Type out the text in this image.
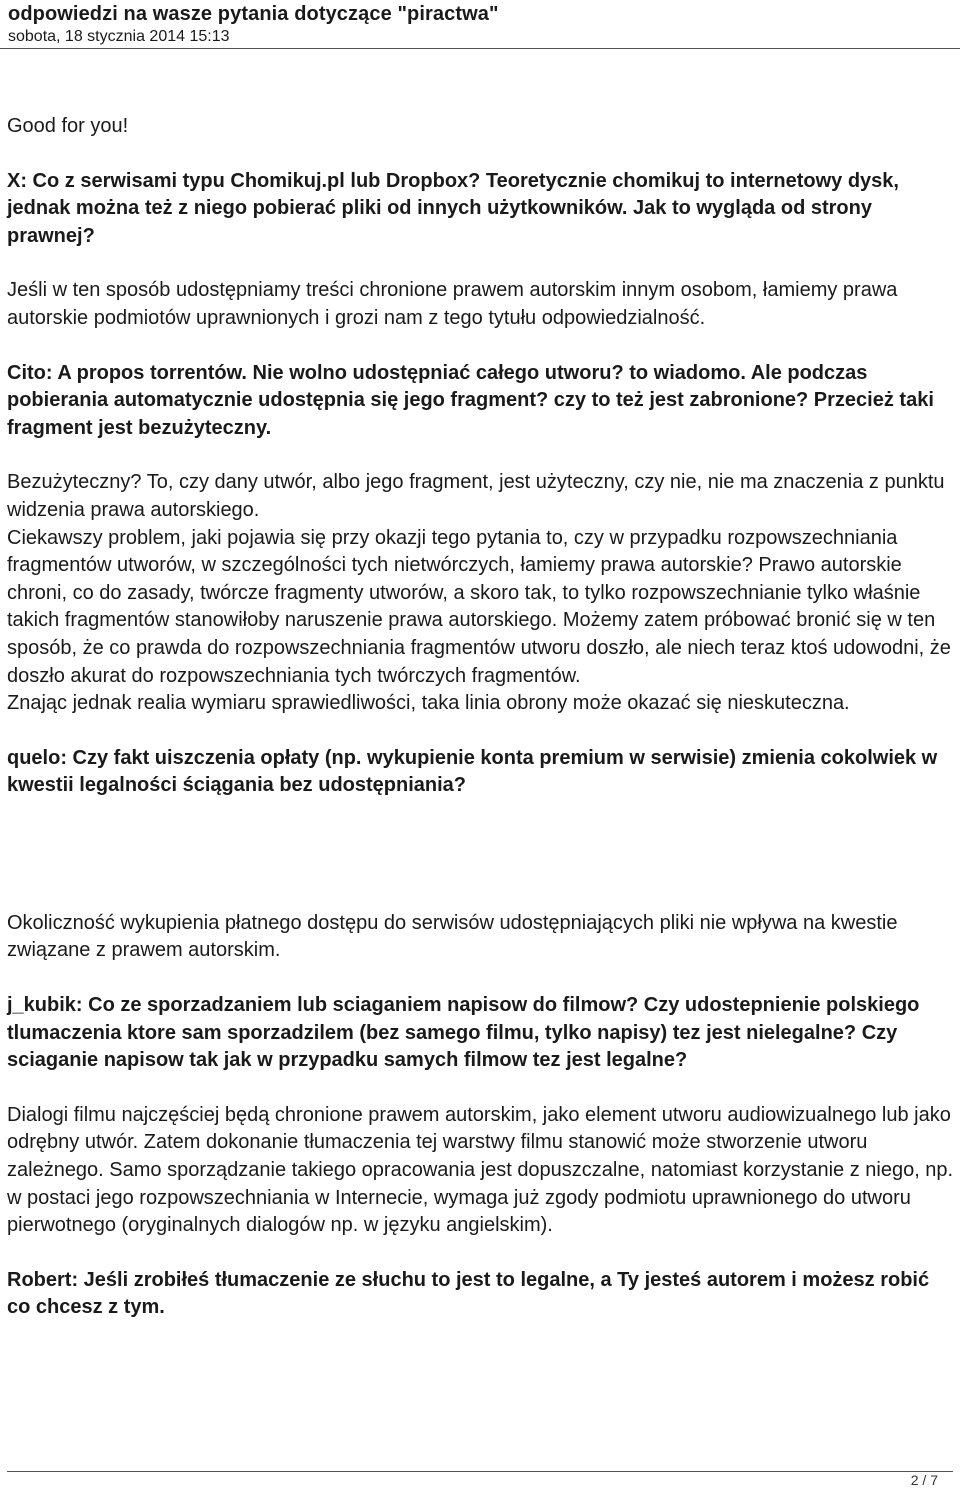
odpowiedzi na wasze pytania dotyczące "piractwa"

sobota, 18 stycznia 2014 15:13

Good for you!

X: Co z serwisami typu Chomikuj.pl lub Dropbox? Teoretycznie chomikuj to internetowy dysk, jednak można też z niego pobierać pliki od innych użytkowników. Jak to wygląda od strony prawnej?

Jeśli w ten sposób udostępniamy treści chronione prawem autorskim innym osobom, łamiemy prawa autorskie podmiotów uprawnionych i grozi nam z tego tytułu odpowiedzialność.

Cito: A propos torrentów. Nie wolno udostępniać całego utworu? to wiadomo. Ale podczas pobierania automatycznie udostępnia się jego fragment? czy to też jest zabronione? Przecież taki fragment jest bezużyteczny.

Bezużyteczny? To, czy dany utwór, albo jego fragment, jest użyteczny, czy nie, nie ma znaczenia z punktu widzenia prawa autorskiego.

Ciekawszy problem, jaki pojawia się przy okazji tego pytania to, czy w przypadku rozpowszechniania fragmentów utworów, w szczególności tych nietwórczych, łamiemy prawa autorskie? Prawo autorskie chroni, co do zasady, twórcze fragmenty utworów, a skoro tak, to tylko rozpowszechnianie tylko właśnie takich fragmentów stanowiłoby naruszenie prawa autorskiego. Możemy zatem próbować bronić się w ten sposób, że co prawda do rozpowszechniania fragmentów utworu doszło, ale niech teraz ktoś udowodni, że doszło akurat do rozpowszechniania tych twórczych fragmentów.

Znając jednak realia wymiaru sprawiedliwości, taka linia obrony może okazać się nieskuteczna.

quelo: Czy fakt uiszczenia opłaty (np. wykupienie konta premium w serwisie) zmienia cokolwiek w kwestii legalności ściągania bez udostępniania?

Okoliczność wykupienia płatnego dostępu do serwisów udostępniających pliki nie wpływa na kwestie związane z prawem autorskim.

j_kubik: Co ze sporzadzaniem lub sciaganiem napisow do filmow? Czy udostepnienie polskiego tlumaczenia ktore sam sporzadzilem (bez samego filmu, tylko napisy) tez jest nielegalne? Czy sciaganie napisow tak jak w przypadku samych filmow tez jest legalne?

Dialogi filmu najczęściej będą chronione prawem autorskim, jako element utworu audiowizualnego lub jako odrębny utwór. Zatem dokonanie tłumaczenia tej warstwy filmu stanowić może stworzenie utworu zależnego. Samo sporządzanie takiego opracowania jest dopuszczalne, natomiast korzystanie z niego, np. w postaci jego rozpowszechniania w Internecie, wymaga już zgody podmiotu uprawnionego do utworu pierwotnego (oryginalnych dialogów np. w języku angielskim).

Robert: Jeśli zrobiłeś tłumaczenie ze słuchu to jest to legalne, a Ty jesteś autorem i możesz robić co chcesz z tym.

2 / 7
